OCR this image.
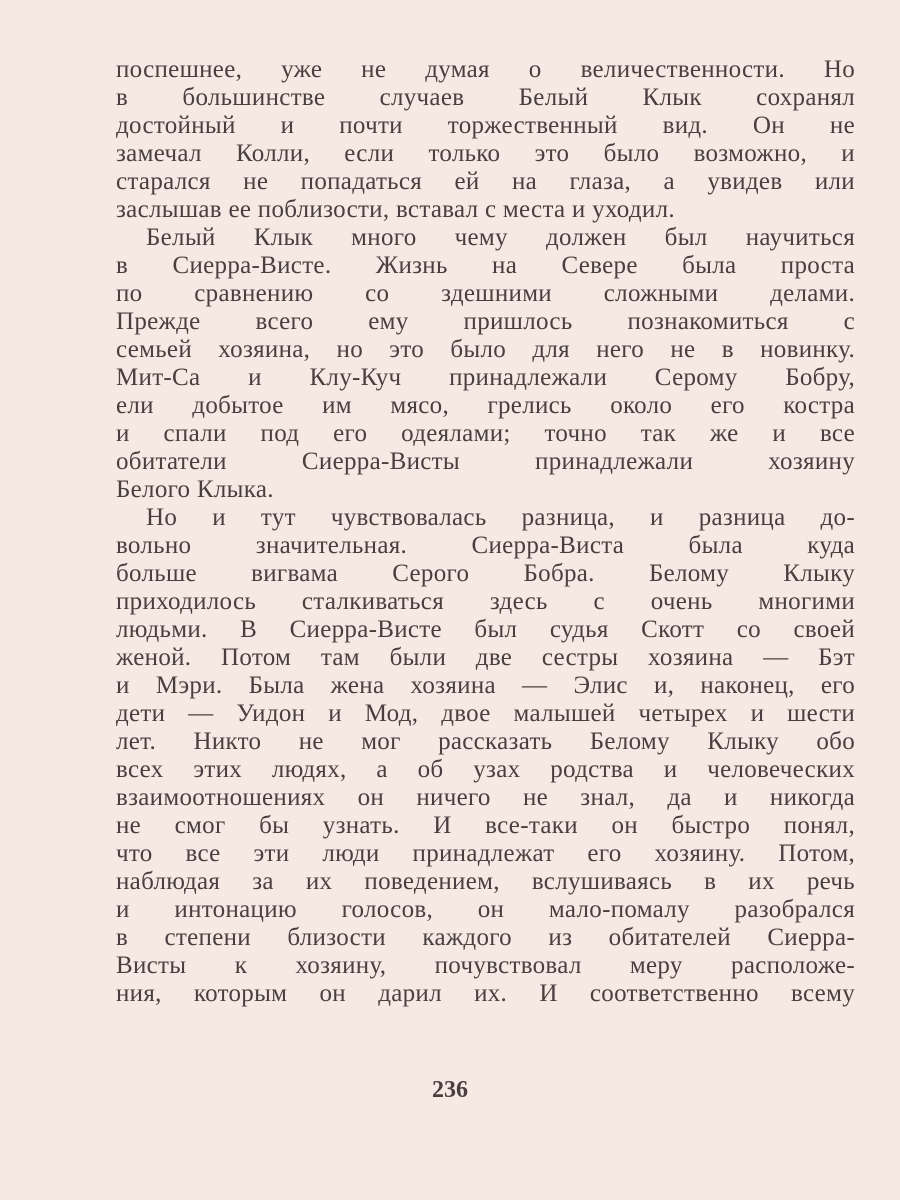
поспешнее, уже не думая о величественности. Но
в большинстве случаев Белый Клык сохранял
достойный и почти торжественный вид. Он не
замечал Колли, если только это было возможно, и
старался не попадаться ей на глаза, а увидев или
заслышав ее поблизости, вставал с места и уходил.
Белый Клык много чему должен был научиться
в Сиерра-Висте. Жизнь на Севере была проста
по сравнению со здешними сложными делами.
Прежде всего ему пришлось познакомиться с
семьей хозяина, но это было для него не в новинку.
Мит-Са и Клу-Куч принадлежали Серому Бобру,
ели добытое им мясо, грелись около его костра
и спали под его одеялами; точно так же и все
обитатели Сиерра-Висты принадлежали хозяину
Белого Клыка.
Но и тут чувствовалась разница, и разница до-
вольно значительная. Сиерра-Виста была куда
больше вигвама Серого Бобра. Белому Клыку
приходилось сталкиваться здесь с очень многими
людьми. В Сиерра-Висте был судья Скотт со своей
женой. Потом там были две сестры хозяина — Бэт
и Мэри. Была жена хозяина — Элис и, наконец, его
дети — Уидон и Мод, двое малышей четырех и шести
лет. Никто не мог рассказать Белому Клыку обо
всех этих людях, а об узах родства и человеческих
взаимоотношениях он ничего не знал, да и никогда
не смог бы узнать. И все-таки он быстро понял,
что все эти люди принадлежат его хозяину. Потом,
наблюдая за их поведением, вслушиваясь в их речь
и интонацию голосов, он мало-помалу разобрался
в степени близости каждого из обитателей Сиерра-
Висты к хозяину, почувствовал меру расположе-
ния, которым он дарил их. И соответственно всему
236
